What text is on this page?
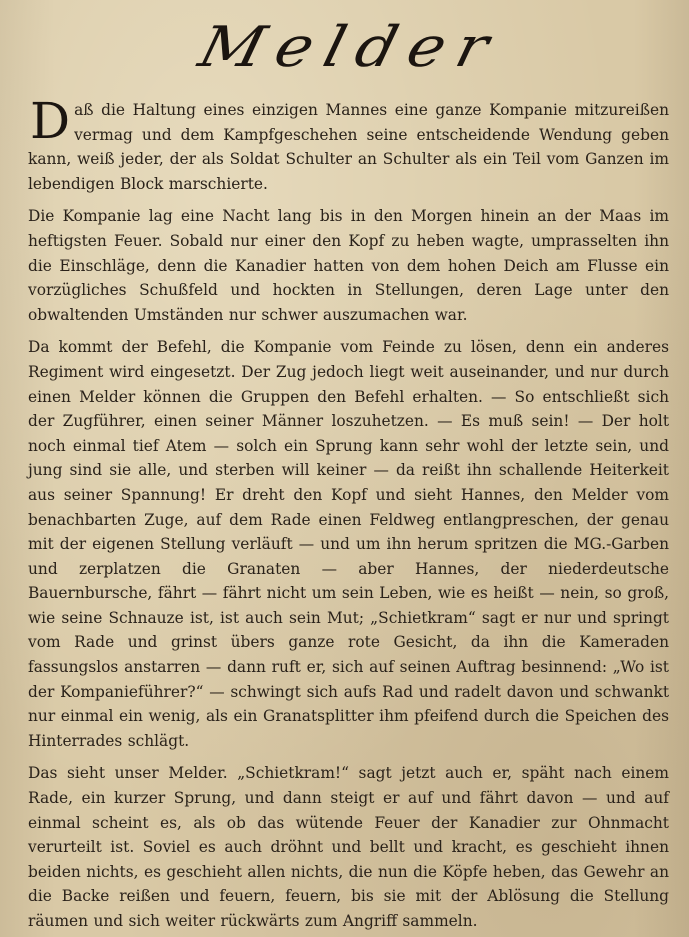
Melder

Daß die Haltung eines einzigen Mannes eine ganze Kompanie mitzureißen vermag und dem Kampfgeschehen seine entscheidende Wendung geben kann, weiß jeder, der als Soldat Schulter an Schulter als ein Teil vom Ganzen im lebendigen Block marschierte.

Die Kompanie lag eine Nacht lang bis in den Morgen hinein an der Maas im heftigsten Feuer. Sobald nur einer den Kopf zu heben wagte, umprasselten ihn die Einschläge, denn die Kanadier hatten von dem hohen Deich am Flusse ein vorzügliches Schußfeld und hockten in Stellungen, deren Lage unter den obwaltenden Umständen nur schwer auszumachen war.

Da kommt der Befehl, die Kompanie vom Feinde zu lösen, denn ein anderes Regiment wird eingesetzt. Der Zug jedoch liegt weit auseinander, und nur durch einen Melder können die Gruppen den Befehl erhalten. — So entschließt sich der Zugführer, einen seiner Männer loszuhetzen. — Es muß sein! — Der holt noch einmal tief Atem — solch ein Sprung kann sehr wohl der letzte sein, und jung sind sie alle, und sterben will keiner — da reißt ihn schallende Heiterkeit aus seiner Spannung! Er dreht den Kopf und sieht Hannes, den Melder vom benachbarten Zuge, auf dem Rade einen Feldweg entlangpreschen, der genau mit der eigenen Stellung verläuft — und um ihn herum spritzen die MG.-Garben und zerplatzen die Granaten — aber Hannes, der niederdeutsche Bauernbursche, fährt — fährt nicht um sein Leben, wie es heißt — nein, so groß, wie seine Schnauze ist, ist auch sein Mut; „Schietkram“ sagt er nur und springt vom Rade und grinst übers ganze rote Gesicht, da ihn die Kameraden fassungslos anstarren — dann ruft er, sich auf seinen Auftrag besinnend: „Wo ist der Kompanieführer?“ — schwingt sich aufs Rad und radelt davon und schwankt nur einmal ein wenig, als ein Granatsplitter ihm pfeifend durch die Speichen des Hinterrades schlägt.

Das sieht unser Melder. „Schietkram!“ sagt jetzt auch er, späht nach einem Rade, ein kurzer Sprung, und dann steigt er auf und fährt davon — und auf einmal scheint es, als ob das wütende Feuer der Kanadier zur Ohnmacht verurteilt ist. Soviel es auch dröhnt und bellt und kracht, es geschieht ihnen beiden nichts, es geschieht allen nichts, die nun die Köpfe heben, das Gewehr an die Backe reißen und feuern, feuern, bis sie mit der Ablösung die Stellung räumen und sich weiter rückwärts zum Angriff sammeln.
